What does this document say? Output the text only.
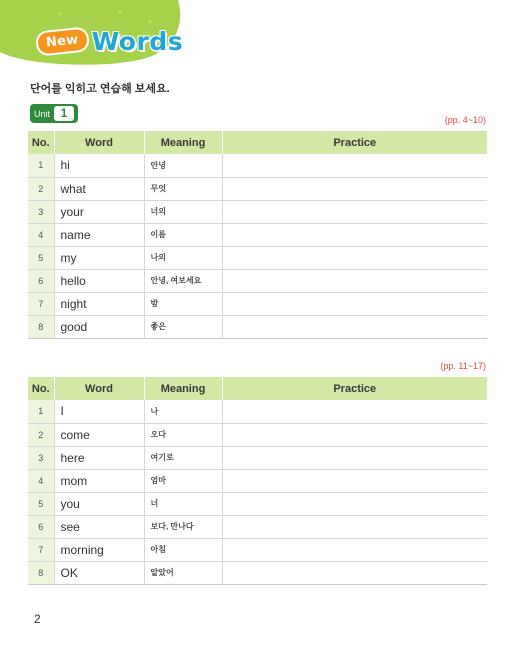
New Words
단어를 익히고 연습해 보세요.
Unit 1	(pp. 4~10)
No.	Word	Meaning	Practice
1	hi	안녕	
2	what	무엇	
3	your	너의	
4	name	이름	
5	my	나의	
6	hello	안녕, 여보세요	
7	night	밤	
8	good	좋은	
(pp. 11~17)
No.	Word	Meaning	Practice
1	I	나	
2	come	오다	
3	here	여기로	
4	mom	엄마	
5	you	너	
6	see	보다, 만나다	
7	morning	아침	
8	OK	알았어	
2
